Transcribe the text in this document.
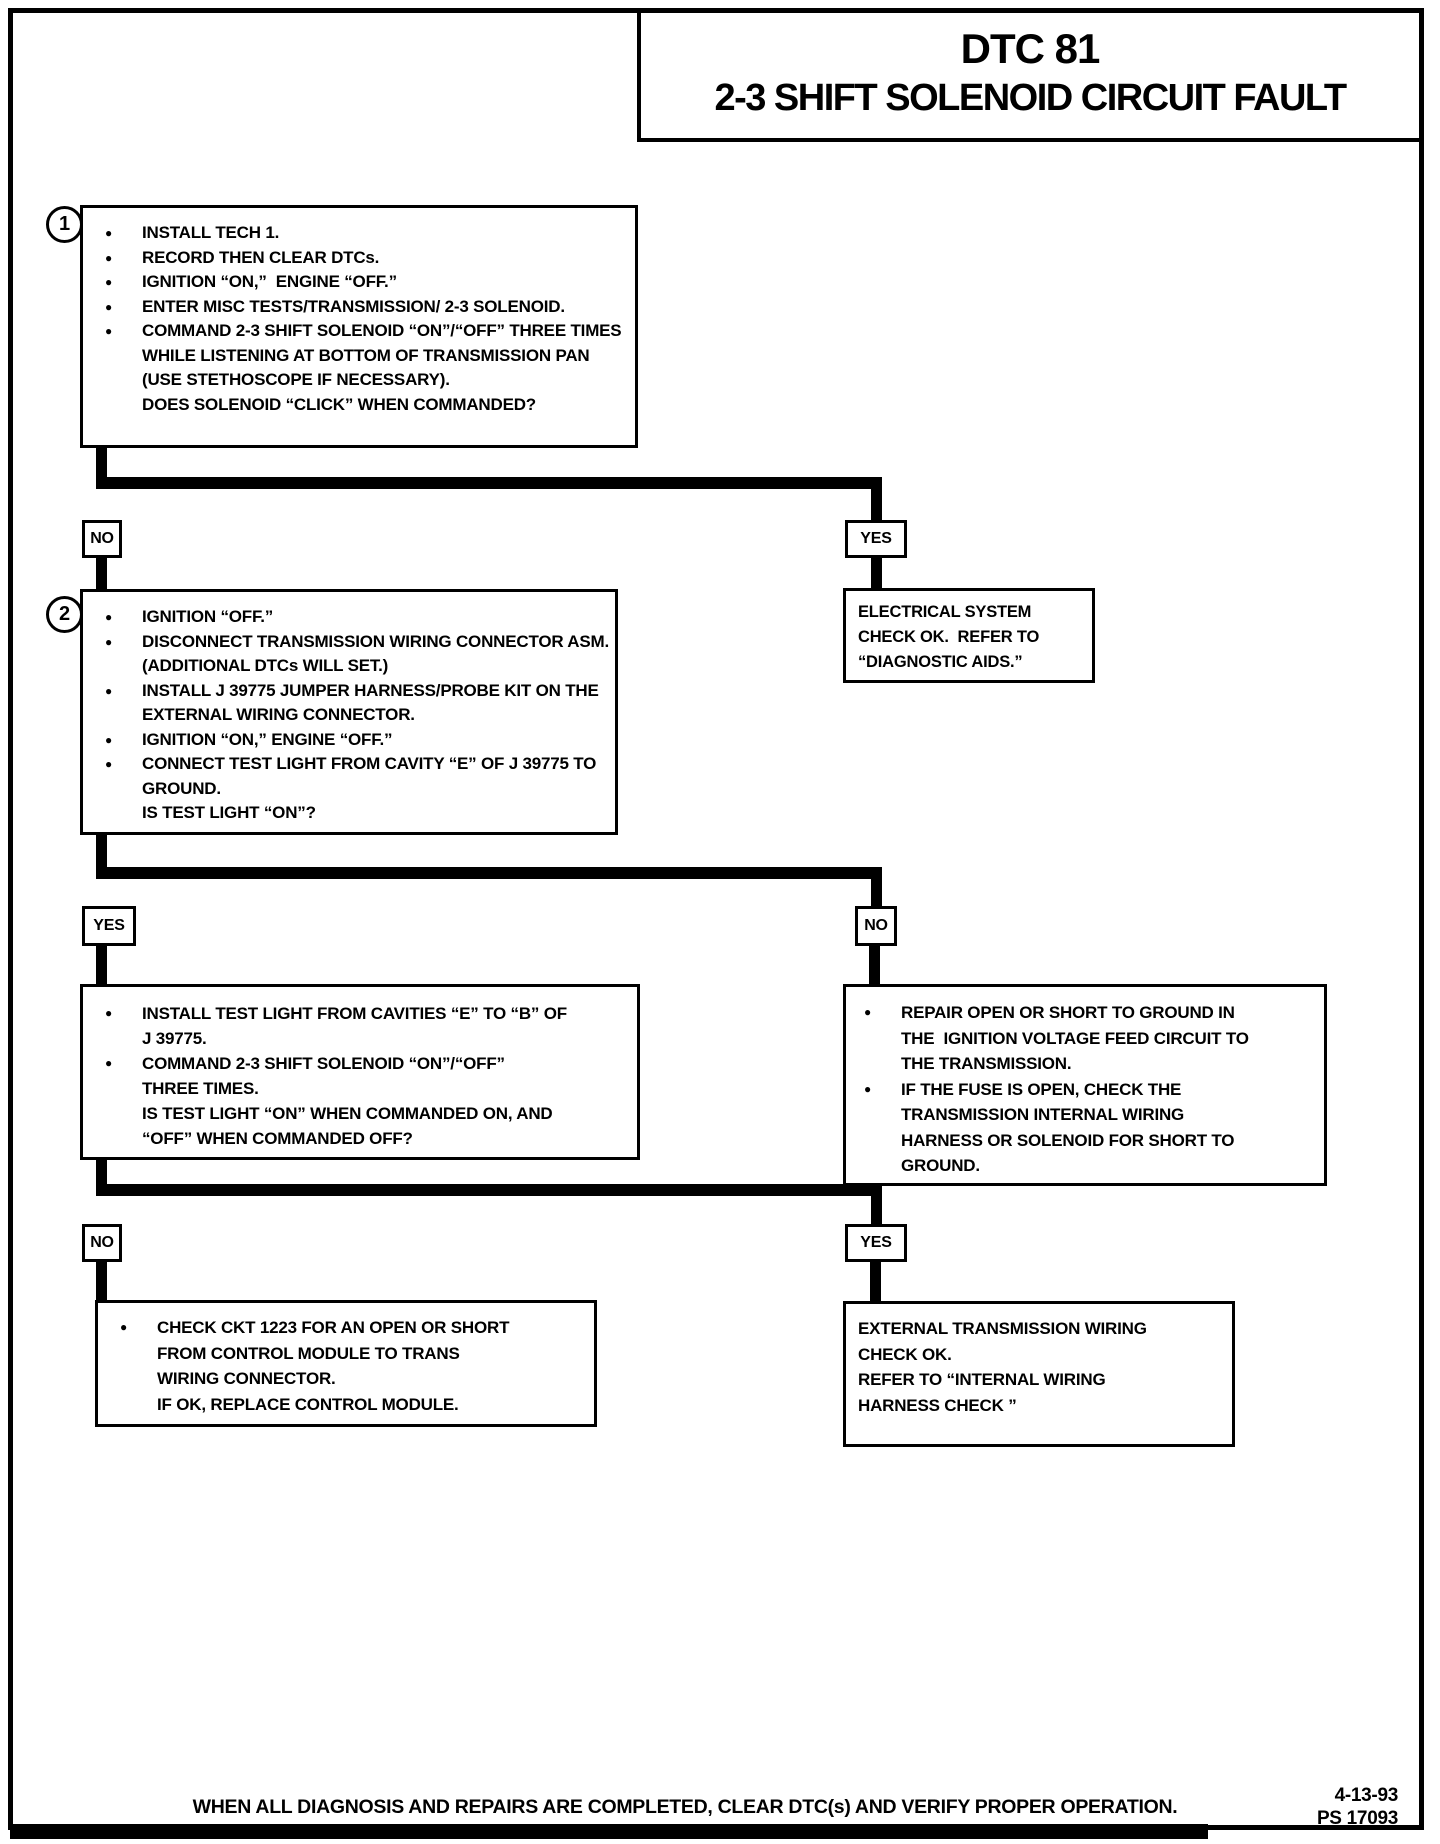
DTC 81
2-3 SHIFT SOLENOID CIRCUIT FAULT
1	●	INSTALL TECH 1.
●	RECORD THEN CLEAR DTCs.
●	IGNITION “ON,”  ENGINE “OFF.”
●	ENTER MISC TESTS/TRANSMISSION/ 2-3 SOLENOID.
●	COMMAND 2-3 SHIFT SOLENOID “ON”/“OFF” THREE TIMES
WHILE LISTENING AT BOTTOM OF TRANSMISSION PAN
(USE STETHOSCOPE IF NECESSARY).
DOES SOLENOID “CLICK” WHEN COMMANDED?
NO	YES
2	●	IGNITION “OFF.”
●	DISCONNECT TRANSMISSION WIRING CONNECTOR ASM.
(ADDITIONAL DTCs WILL SET.)
●	INSTALL J 39775 JUMPER HARNESS/PROBE KIT ON THE
EXTERNAL WIRING CONNECTOR.
●	IGNITION “ON,” ENGINE “OFF.”
●	CONNECT TEST LIGHT FROM CAVITY “E” OF J 39775 TO
GROUND.
IS TEST LIGHT “ON”?
ELECTRICAL SYSTEM
CHECK OK.  REFER TO
“DIAGNOSTIC AIDS.”
YES	NO
●	INSTALL TEST LIGHT FROM CAVITIES “E” TO “B” OF
J 39775.
●	COMMAND 2-3 SHIFT SOLENOID “ON”/“OFF”
THREE TIMES.
IS TEST LIGHT “ON” WHEN COMMANDED ON, AND
“OFF” WHEN COMMANDED OFF?
●	REPAIR OPEN OR SHORT TO GROUND IN
THE  IGNITION VOLTAGE FEED CIRCUIT TO
THE TRANSMISSION.
●	IF THE FUSE IS OPEN, CHECK THE
TRANSMISSION INTERNAL WIRING
HARNESS OR SOLENOID FOR SHORT TO
GROUND.
NO	YES
●	CHECK CKT 1223 FOR AN OPEN OR SHORT
FROM CONTROL MODULE TO TRANS
WIRING CONNECTOR.
IF OK, REPLACE CONTROL MODULE.
EXTERNAL TRANSMISSION WIRING
CHECK OK.
REFER TO “INTERNAL WIRING
HARNESS CHECK ”
WHEN ALL DIAGNOSIS AND REPAIRS ARE COMPLETED, CLEAR DTC(s) AND VERIFY PROPER OPERATION.
4-13-93
PS 17093
